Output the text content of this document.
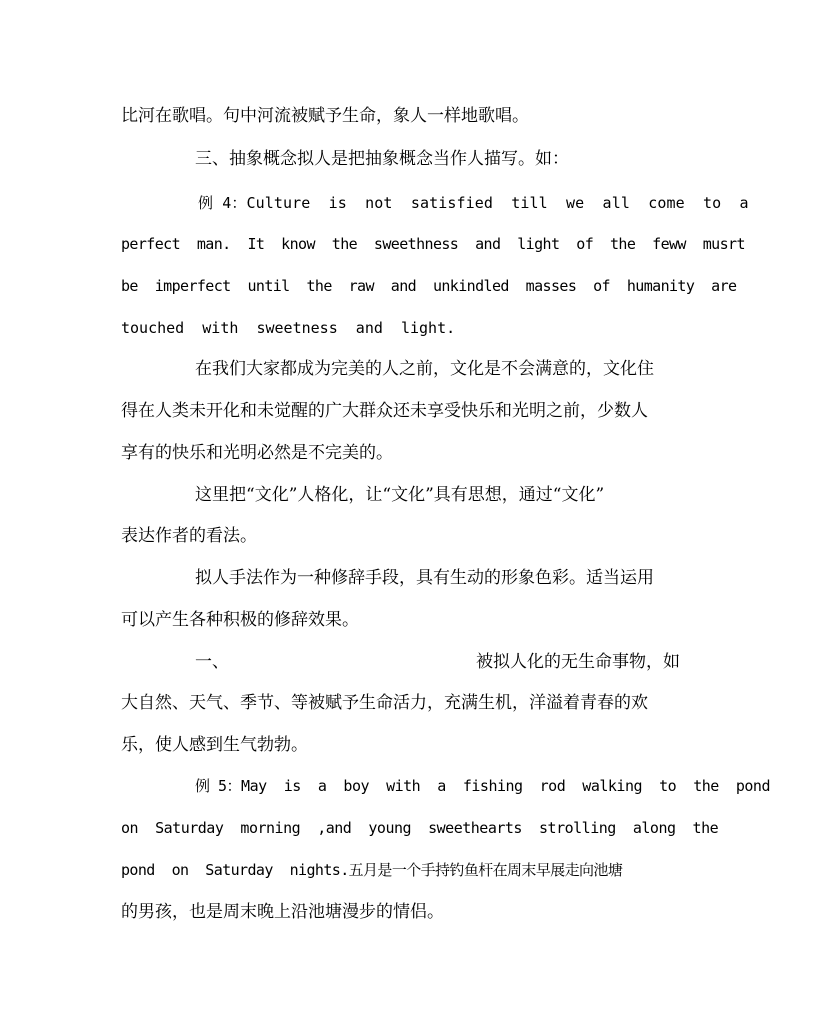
比河在歌唱。句中河流被赋予生命，象人一样地歌唱。
三、抽象概念拟人是把抽象概念当作人描写。如：
例 4：Culture  is  not  satisfied  till  we  all  come  to  a
perfect  man.  It  know  the  sweethness  and  light  of  the  feww  musrt
be  imperfect  until  the  raw  and  unkindled  masses  of  humanity  are
touched  with  sweetness  and  light.
在我们大家都成为完美的人之前，文化是不会满意的，文化住
得在人类未开化和未觉醒的广大群众还未享受快乐和光明之前，少数人
享有的快乐和光明必然是不完美的。
这里把“文化”人格化，让“文化”具有思想，通过“文化”
表达作者的看法。
拟人手法作为一种修辞手段，具有生动的形象色彩。适当运用
可以产生各种积极的修辞效果。
一、	被拟人化的无生命事物，如
大自然、天气、季节、等被赋予生命活力，充满生机，洋溢着青春的欢
乐，使人感到生气勃勃。
例 5：May  is  a  boy  with  a  fishing  rod  walking  to  the  pond
on  Saturday  morning  ,and  young  sweethearts  strolling  along  the
pond  on  Saturday  nights.五月是一个手持钓鱼杆在周末早展走向池塘
的男孩，也是周末晚上沿池塘漫步的情侣。
